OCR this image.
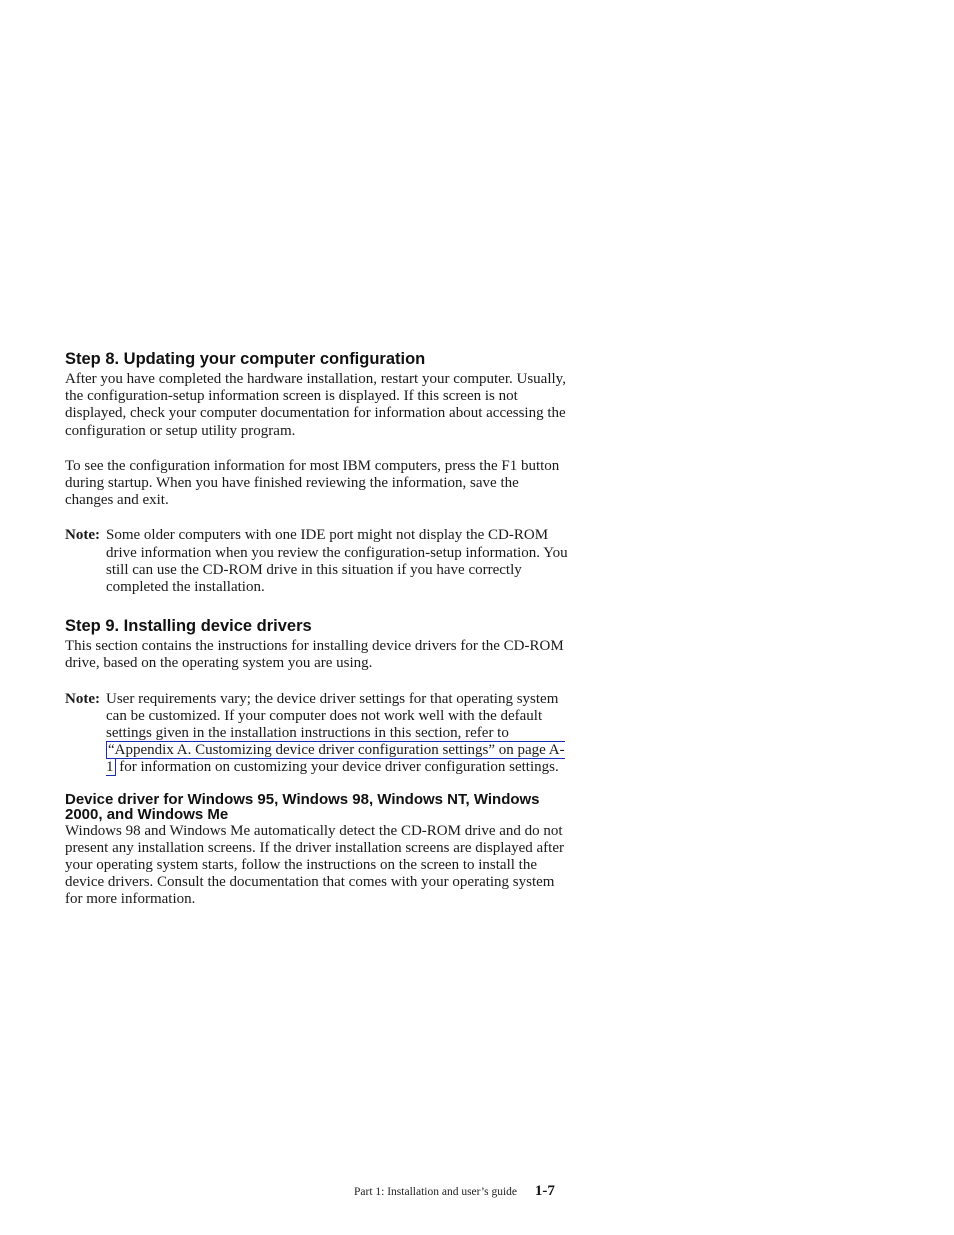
Step 8. Updating your computer configuration

After you have completed the hardware installation, restart your computer. Usually, the configuration-setup information screen is displayed. If this screen is not displayed, check your computer documentation for information about accessing the configuration or setup utility program.

To see the configuration information for most IBM computers, press the F1 button during startup. When you have finished reviewing the information, save the changes and exit.

Note: Some older computers with one IDE port might not display the CD-ROM drive information when you review the configuration-setup information. You still can use the CD-ROM drive in this situation if you have correctly completed the installation.
Step 9. Installing device drivers

This section contains the instructions for installing device drivers for the CD-ROM drive, based on the operating system you are using.

Note: User requirements vary; the device driver settings for that operating system can be customized. If your computer does not work well with the default settings given in the installation instructions in this section, refer to “Appendix A. Customizing device driver configuration settings” on page A-1 for information on customizing your device driver configuration settings.
Device driver for Windows 95, Windows 98, Windows NT, Windows 2000, and Windows Me

Windows 98 and Windows Me automatically detect the CD-ROM drive and do not present any installation screens. If the driver installation screens are displayed after your operating system starts, follow the instructions on the screen to install the device drivers. Consult the documentation that comes with your operating system for more information.

Part 1: Installation and user’s guide 1-7
